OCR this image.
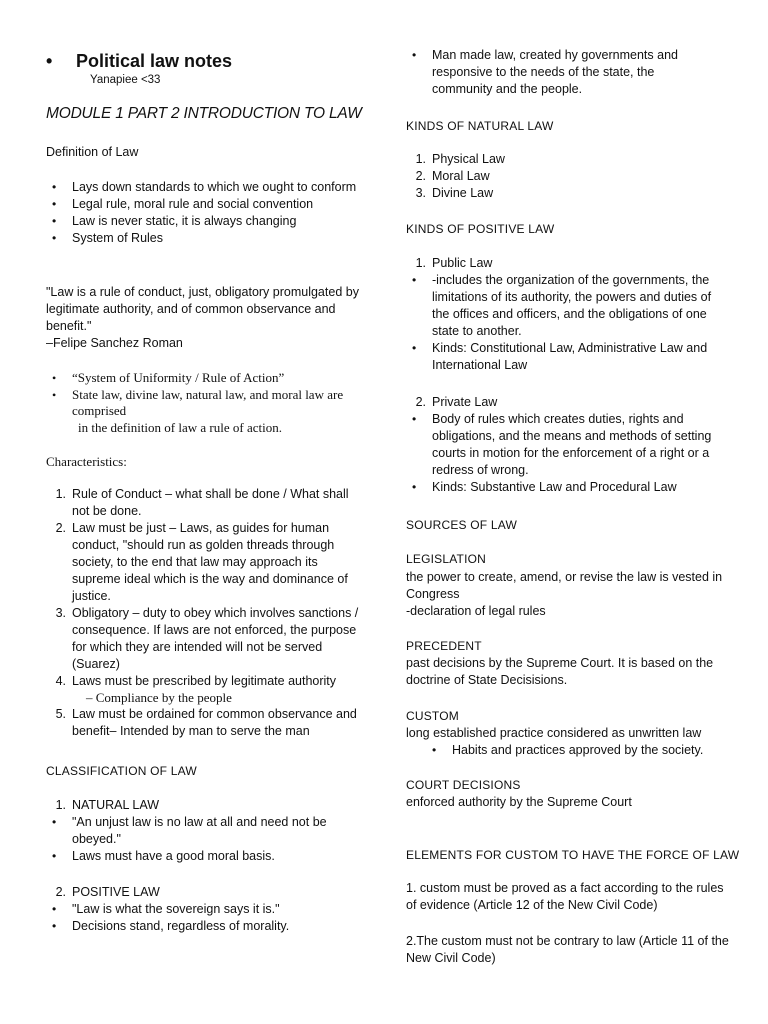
• Political law notes
Yanapiee <33
MODULE 1 PART 2 INTRODUCTION TO LAW
Definition of Law
• Lays down standards to which we ought to conform
• Legal rule, moral rule and social convention
• Law is never static, it is always changing
• System of Rules
"Law is a rule of conduct, just, obligatory promulgated by legitimate authority, and of common observance and benefit."
–Felipe Sanchez Roman
• “System of Uniformity / Rule of Action”
• State law, divine law, natural law, and moral law are comprised
in the definition of law a rule of action.
Characteristics:
1. Rule of Conduct – what shall be done / What shall not be done.
2. Law must be just – Laws, as guides for human conduct, "should run as golden threads through society, to the end that law may approach its supreme ideal which is the way and dominance of justice.
3. Obligatory – duty to obey which involves sanctions / consequence. If laws are not enforced, the purpose for which they are intended will not be served (Suarez)
4. Laws must be prescribed by legitimate authority
– Compliance by the people
5. Law must be ordained for common observance and benefit– Intended by man to serve the man
CLASSIFICATION OF LAW
1. NATURAL LAW
• "An unjust law is no law at all and need not be obeyed."
• Laws must have a good moral basis.
2. POSITIVE LAW
• "Law is what the sovereign says it is."
• Decisions stand, regardless of morality.
• Man made law, created hy governments and responsive to the needs of the state, the community and the people.
KINDS OF NATURAL LAW
1. Physical Law
2. Moral Law
3. Divine Law
KINDS OF POSITIVE LAW
1. Public Law
• -includes the organization of the governments, the limitations of its authority, the powers and duties of the offices and officers, and the obligations of one state to another.
• Kinds: Constitutional Law, Administrative Law and International Law
2. Private Law
• Body of rules which creates duties, rights and obligations, and the means and methods of setting courts in motion for the enforcement of a right or a redress of wrong.
• Kinds: Substantive Law and Procedural Law
SOURCES OF LAW
LEGISLATION
the power to create, amend, or revise the law is vested in Congress
-declaration of legal rules
PRECEDENT
past decisions by the Supreme Court. It is based on the doctrine of State Decisisions.
CUSTOM
long established practice considered as unwritten law
• Habits and practices approved by the society.
COURT DECISIONS
enforced authority by the Supreme Court
ELEMENTS FOR CUSTOM TO HAVE THE FORCE OF LAW
1. custom must be proved as a fact according to the rules of evidence (Article 12 of the New Civil Code)
2.The custom must not be contrary to law (Article 11 of the New Civil Code)
